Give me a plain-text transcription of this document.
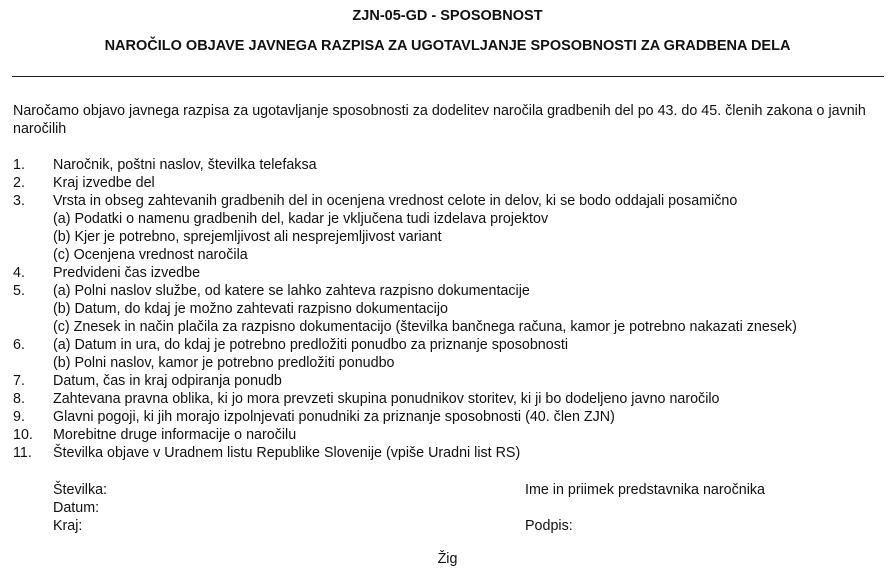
ZJN-05-GD - SPOSOBNOST
NAROČILO OBJAVE JAVNEGA RAZPISA ZA UGOTAVLJANJE SPOSOBNOSTI ZA GRADBENA DELA
Naročamo objavo javnega razpisa za ugotavljanje sposobnosti za dodelitev naročila gradbenih del po 43. do 45. členih zakona o javnih naročilih
1. Naročnik, poštni naslov, številka telefaksa
2. Kraj izvedbe del
3. Vrsta in obseg zahtevanih gradbenih del in ocenjena vrednost celote in delov, ki se bodo oddajali posamično
(a) Podatki o namenu gradbenih del, kadar je vključena tudi izdelava projektov
(b) Kjer je potrebno, sprejemljivost ali nesprejemljivost variant
(c) Ocenjena vrednost naročila
4. Predvideni čas izvedbe
5. (a) Polni naslov službe, od katere se lahko zahteva razpisno dokumentacije
(b) Datum, do kdaj je možno zahtevati razpisno dokumentacijo
(c) Znesek in način plačila za razpisno dokumentacijo (številka bančnega računa, kamor je potrebno nakazati znesek)
6. (a) Datum in ura, do kdaj je potrebno predložiti ponudbo za priznanje sposobnosti
(b) Polni naslov, kamor je potrebno predložiti ponudbo
7. Datum, čas in kraj odpiranja ponudb
8. Zahtevana pravna oblika, ki jo mora prevzeti skupina ponudnikov storitev, ki ji bo dodeljeno javno naročilo
9. Glavni pogoji, ki jih morajo izpolnjevati ponudniki za priznanje sposobnosti (40. člen ZJN)
10. Morebitne druge informacije o naročilu
11. Številka objave v Uradnem listu Republike Slovenije (vpiše Uradni list RS)
Številka:
Datum:
Kraj:
Ime in priimek predstavnika naročnika
Podpis:
Žig
